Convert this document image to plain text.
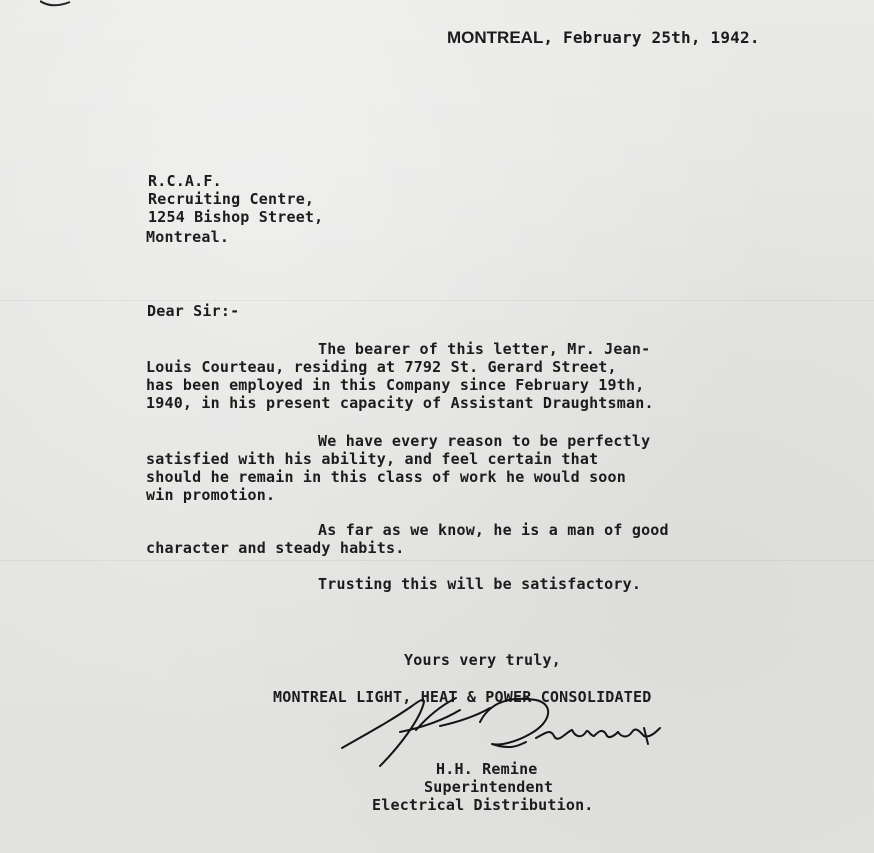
MONTREAL, February 25th, 1942.
R.C.A.F.
Recruiting Centre,
1254 Bishop Street,
Montreal.
Dear Sir:-
The bearer of this letter, Mr. Jean-
Louis Courteau, residing at 7792 St. Gerard Street,
has been employed in this Company since February 19th,
1940, in his present capacity of Assistant Draughtsman.
We have every reason to be perfectly
satisfied with his ability, and feel certain that
should he remain in this class of work he would soon
win promotion.
As far as we know, he is a man of good
character and steady habits.
Trusting this will be satisfactory.
Yours very truly,
MONTREAL LIGHT, HEAT & POWER CONSOLIDATED
H.H. Remine
Superintendent
Electrical Distribution.
